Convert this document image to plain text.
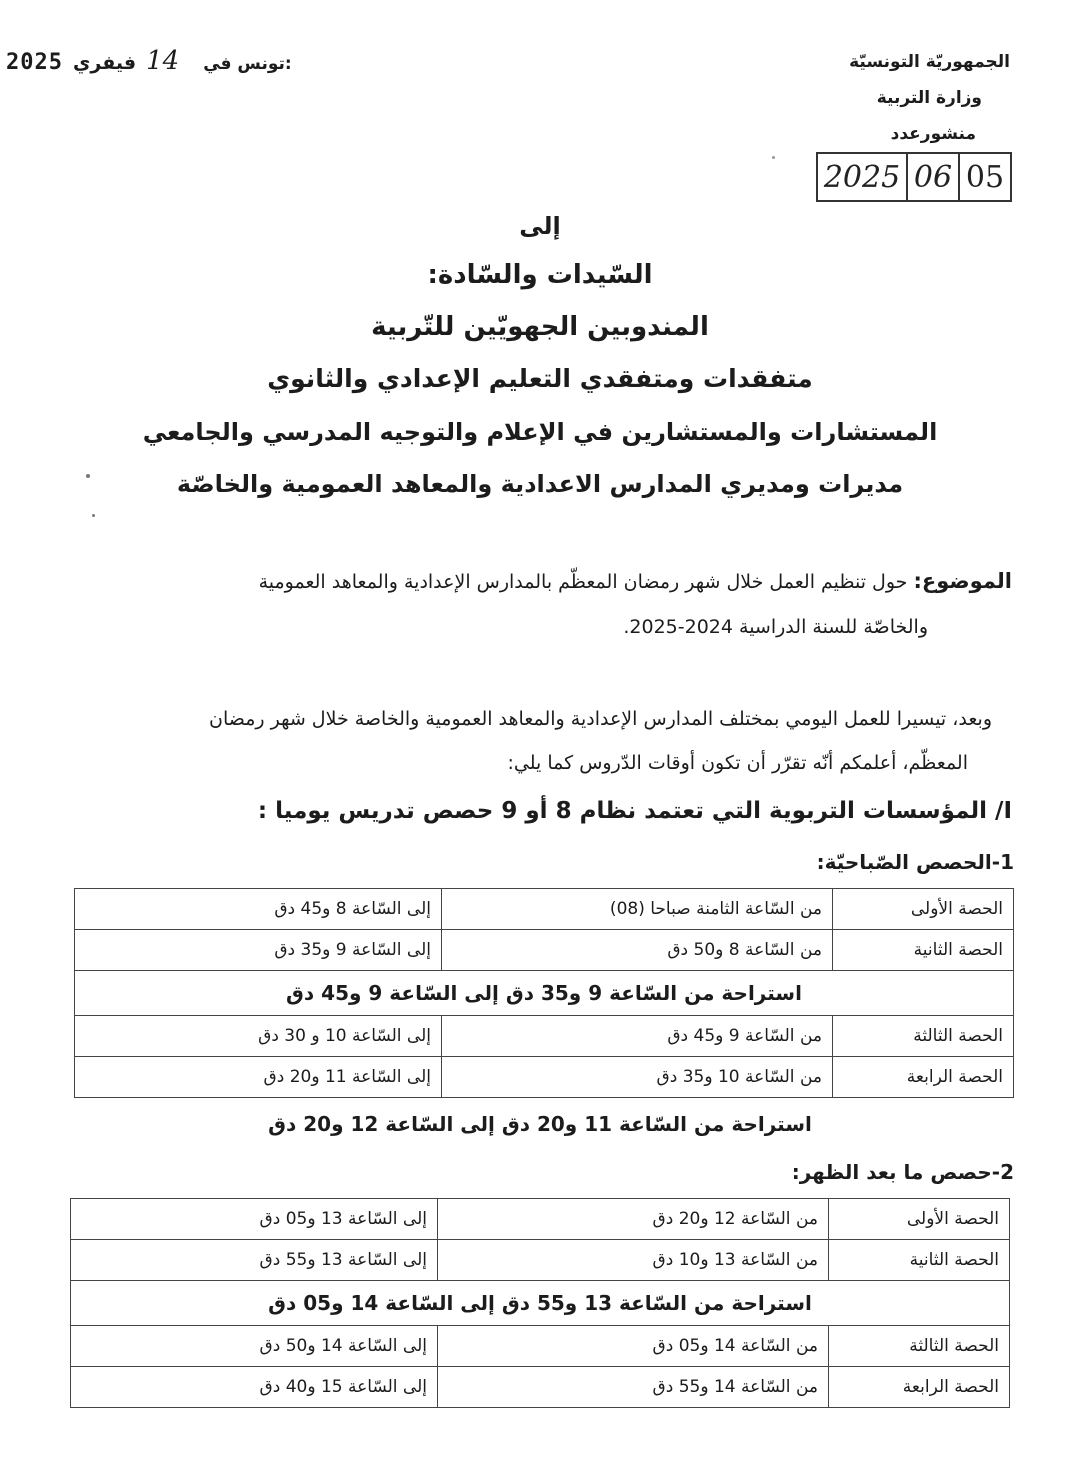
الجمهوريّة التونسيّة
وزارة التربية
منشورعدد
2025 06 05
2025 فيفري 14 تونس في:
إلى
السّيدات والسّادة:
المندوبين الجهويّين للتّربية
متفقدات ومتفقدي التعليم الإعدادي والثانوي
المستشارات والمستشارين في الإعلام والتوجيه المدرسي والجامعي
مديرات ومديري المدارس الاعدادية والمعاهد العمومية والخاصّة
الموضوع: حول تنظيم العمل خلال شهر رمضان المعظّم بالمدارس الإعدادية والمعاهد العمومية
والخاصّة للسنة الدراسية 2024-2025.
وبعد، تيسيرا للعمل اليومي بمختلف المدارس الإعدادية والمعاهد العمومية والخاصة خلال شهر رمضان
المعظّم، أعلمكم أنّه تقرّر أن تكون أوقات الدّروس كما يلي:
I/ المؤسسات التربوية التي تعتمد نظام 8 أو 9 حصص تدريس يوميا :
1-الحصص الصّباحيّة:
الحصة الأولى	من السّاعة الثامنة صباحا (08)	إلى السّاعة 8 و45 دق
الحصة الثانية	من السّاعة 8 و50 دق	إلى السّاعة 9 و35 دق
استراحة من السّاعة 9 و35 دق إلى السّاعة 9 و45 دق		
الحصة الثالثة	من السّاعة 9 و45 دق	إلى السّاعة 10 و 30 دق
الحصة الرابعة	من السّاعة 10 و35 دق	إلى السّاعة 11 و20 دق
استراحة من السّاعة 11 و20 دق إلى السّاعة 12 و20 دق
2-حصص ما بعد الظهر:
الحصة الأولى	من السّاعة 12 و20 دق	إلى السّاعة 13 و05 دق
الحصة الثانية	من السّاعة 13 و10 دق	إلى السّاعة 13 و55 دق
استراحة من السّاعة 13 و55 دق إلى السّاعة 14 و05 دق		
الحصة الثالثة	من السّاعة 14 و05 دق	إلى السّاعة 14 و50 دق
الحصة الرابعة	من السّاعة 14 و55 دق	إلى السّاعة 15 و40 دق
